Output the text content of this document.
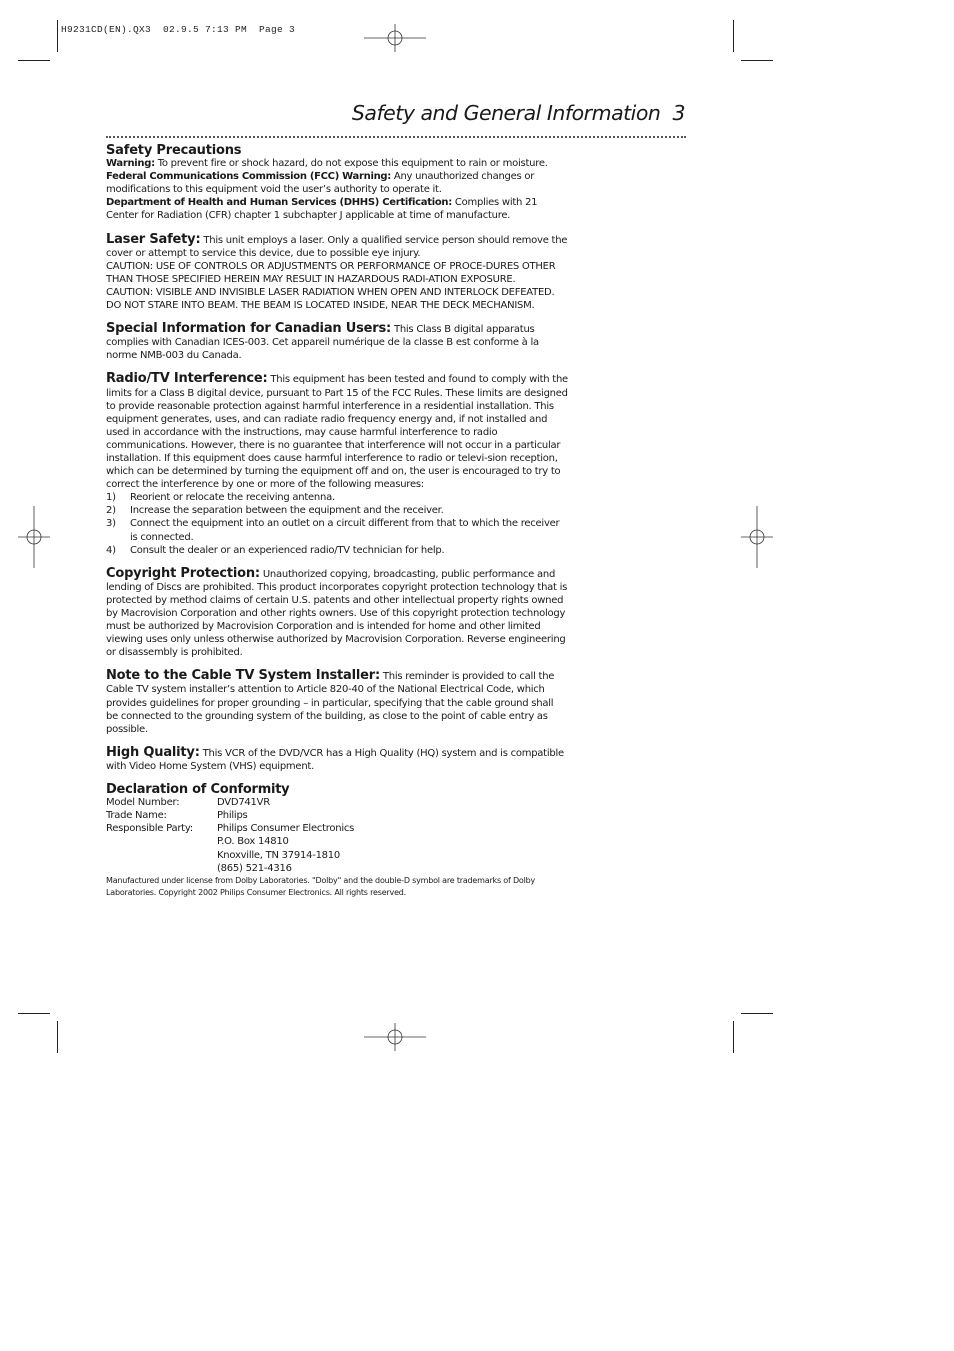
H9231CD(EN).QX3  02.9.5 7:13 PM  Page 3
Safety and General Information 3
Safety Precautions

Warning: To prevent fire or shock hazard, do not expose this equipment to rain or moisture.

Federal Communications Commission (FCC) Warning: Any unauthorized changes or modifications to this equipment void the user’s authority to operate it.

Department of Health and Human Services (DHHS) Certification: Complies with 21 Center for Radiation (CFR) chapter 1 subchapter J applicable at time of manufacture.

Laser Safety: This unit employs a laser. Only a qualified service person should remove the cover or attempt to service this device, due to possible eye injury.

CAUTION: USE OF CONTROLS OR ADJUSTMENTS OR PERFORMANCE OF PROCE-DURES OTHER THAN THOSE SPECIFIED HEREIN MAY RESULT IN HAZARDOUS RADI-ATION EXPOSURE.

CAUTION: VISIBLE AND INVISIBLE LASER RADIATION WHEN OPEN AND INTERLOCK DEFEATED. DO NOT STARE INTO BEAM. THE BEAM IS LOCATED INSIDE, NEAR THE DECK MECHANISM.

Special Information for Canadian Users: This Class B digital apparatus complies with Canadian ICES-003. Cet appareil numérique de la classe B est conforme à la norme NMB-003 du Canada.

Radio/TV Interference: This equipment has been tested and found to comply with the limits for a Class B digital device, pursuant to Part 15 of the FCC Rules. These limits are designed to provide reasonable protection against harmful interference in a residential installation. This equipment generates, uses, and can radiate radio frequency energy and, if not installed and used in accordance with the instructions, may cause harmful interference to radio communications. However, there is no guarantee that interference will not occur in a particular installation. If this equipment does cause harmful interference to radio or televi-sion reception, which can be determined by turning the equipment off and on, the user is encouraged to try to correct the interference by one or more of the following measures:

1) Reorient or relocate the receiving antenna.
2) Increase the separation between the equipment and the receiver.
3) Connect the equipment into an outlet on a circuit different from that to which the receiver is connected.
4) Consult the dealer or an experienced radio/TV technician for help.

Copyright Protection: Unauthorized copying, broadcasting, public performance and lending of Discs are prohibited. This product incorporates copyright protection technology that is protected by method claims of certain U.S. patents and other intellectual property rights owned by Macrovision Corporation and other rights owners. Use of this copyright protection technology must be authorized by Macrovision Corporation and is intended for home and other limited viewing uses only unless otherwise authorized by Macrovision Corporation. Reverse engineering or disassembly is prohibited.

Note to the Cable TV System Installer: This reminder is provided to call the Cable TV system installer’s attention to Article 820-40 of the National Electrical Code, which provides guidelines for proper grounding – in particular, specifying that the cable ground shall be connected to the grounding system of the building, as close to the point of cable entry as possible.

High Quality: This VCR of the DVD/VCR has a High Quality (HQ) system and is compatible with Video Home System (VHS) equipment.

Declaration of Conformity
Model Number:	DVD741VR
Trade Name:	Philips
Responsible Party:	Philips Consumer Electronics
P.O. Box 14810
Knoxville, TN 37914-1810
(865) 521-4316

Manufactured under license from Dolby Laboratories. "Dolby" and the double-D symbol are trademarks of Dolby Laboratories. Copyright 2002 Philips Consumer Electronics. All rights reserved.
